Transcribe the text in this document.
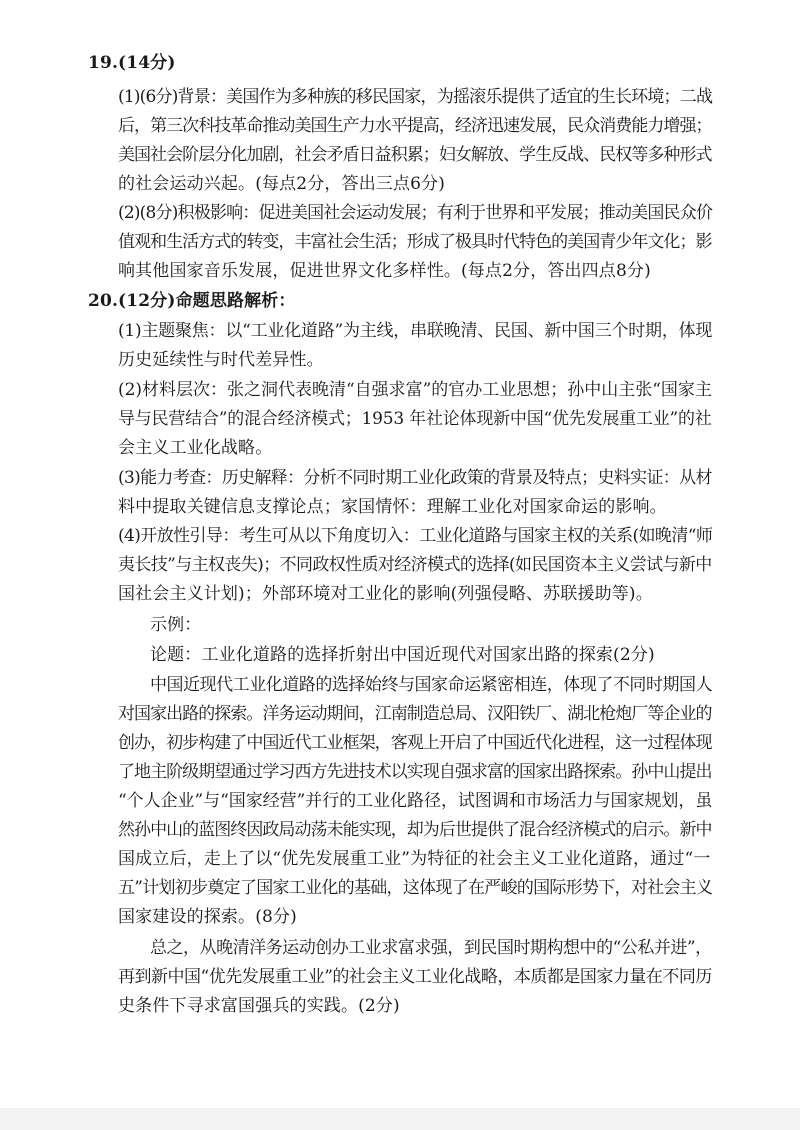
19.(14分)
(1)(6分)背景：美国作为多种族的移民国家，为摇滚乐提供了适宜的生长环境；二战
后，第三次科技革命推动美国生产力水平提高，经济迅速发展，民众消费能力增强；
美国社会阶层分化加剧，社会矛盾日益积累；妇女解放、学生反战、民权等多种形式
的社会运动兴起。(每点2分，答出三点6分)
(2)(8分)积极影响：促进美国社会运动发展；有利于世界和平发展；推动美国民众价
值观和生活方式的转变，丰富社会生活；形成了极具时代特色的美国青少年文化；影
响其他国家音乐发展，促进世界文化多样性。(每点2分，答出四点8分)
20.(12分)命题思路解析：
(1)主题聚焦：以“工业化道路”为主线，串联晚清、民国、新中国三个时期，体现
历史延续性与时代差异性。
(2)材料层次：张之洞代表晚清“自强求富”的官办工业思想；孙中山主张“国家主
导与民营结合”的混合经济模式；1953 年社论体现新中国“优先发展重工业”的社
会主义工业化战略。
(3)能力考查：历史解释：分析不同时期工业化政策的背景及特点；史料实证：从材
料中提取关键信息支撑论点；家国情怀：理解工业化对国家命运的影响。
(4)开放性引导：考生可从以下角度切入：工业化道路与国家主权的关系(如晚清“师
夷长技”与主权丧失)；不同政权性质对经济模式的选择(如民国资本主义尝试与新中
国社会主义计划)；外部环境对工业化的影响(列强侵略、苏联援助等)。
示例：
论题：工业化道路的选择折射出中国近现代对国家出路的探索(2分)
中国近现代工业化道路的选择始终与国家命运紧密相连，体现了不同时期国人
对国家出路的探索。洋务运动期间，江南制造总局、汉阳铁厂、湖北枪炮厂等企业的
创办，初步构建了中国近代工业框架，客观上开启了中国近代化进程，这一过程体现
了地主阶级期望通过学习西方先进技术以实现自强求富的国家出路探索。孙中山提出
“个人企业”与“国家经营”并行的工业化路径，试图调和市场活力与国家规划，虽
然孙中山的蓝图终因政局动荡未能实现，却为后世提供了混合经济模式的启示。新中
国成立后，走上了以“优先发展重工业”为特征的社会主义工业化道路，通过“一
五”计划初步奠定了国家工业化的基础，这体现了在严峻的国际形势下，对社会主义
国家建设的探索。(8分)
总之，从晚清洋务运动创办工业求富求强，到民国时期构想中的“公私并进”，
再到新中国“优先发展重工业”的社会主义工业化战略，本质都是国家力量在不同历
史条件下寻求富国强兵的实践。(2分)
